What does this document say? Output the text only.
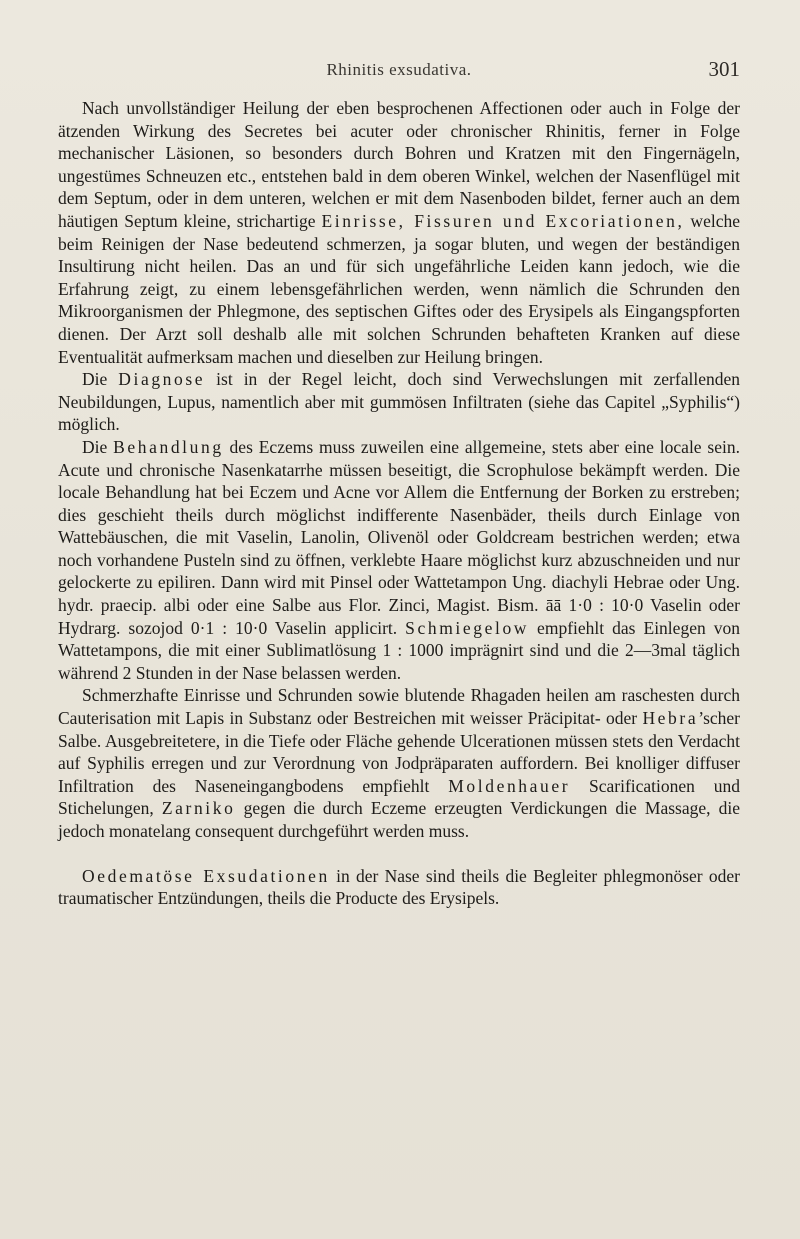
Rhinitis exsudativa.	301

Nach unvollständiger Heilung der eben besprochenen Affectionen oder auch in Folge der ätzenden Wirkung des Secretes bei acuter oder chronischer Rhinitis, ferner in Folge mechanischer Läsionen, so besonders durch Bohren und Kratzen mit den Fingernägeln, ungestümes Schneuzen etc., entstehen bald in dem oberen Winkel, welchen der Nasenflügel mit dem Septum, oder in dem unteren, welchen er mit dem Nasenboden bildet, ferner auch an dem häutigen Septum kleine, strichartige Einrisse, Fissuren und Excoriationen, welche beim Reinigen der Nase bedeutend schmerzen, ja sogar bluten, und wegen der beständigen Insultirung nicht heilen. Das an und für sich ungefährliche Leiden kann jedoch, wie die Erfahrung zeigt, zu einem lebensgefährlichen werden, wenn nämlich die Schrunden den Mikroorganismen der Phlegmone, des septischen Giftes oder des Erysipels als Eingangspforten dienen. Der Arzt soll deshalb alle mit solchen Schrunden behafteten Kranken auf diese Eventualität aufmerksam machen und dieselben zur Heilung bringen.

Die Diagnose ist in der Regel leicht, doch sind Verwechslungen mit zerfallenden Neubildungen, Lupus, namentlich aber mit gummösen Infiltraten (siehe das Capitel „Syphilis“) möglich.

Die Behandlung des Eczems muss zuweilen eine allgemeine, stets aber eine locale sein. Acute und chronische Nasenkatarrhe müssen beseitigt, die Scrophulose bekämpft werden. Die locale Behandlung hat bei Eczem und Acne vor Allem die Entfernung der Borken zu erstreben; dies geschieht theils durch möglichst indifferente Nasenbäder, theils durch Einlage von Wattebäuschen, die mit Vaselin, Lanolin, Olivenöl oder Goldcream bestrichen werden; etwa noch vorhandene Pusteln sind zu öffnen, verklebte Haare möglichst kurz abzuschneiden und nur gelockerte zu epiliren. Dann wird mit Pinsel oder Wattetampon Ung. diachyli Hebrae oder Ung. hydr. praecip. albi oder eine Salbe aus Flor. Zinci, Magist. Bism. āā 1·0 : 10·0 Vaselin oder Hydrarg. sozojod 0·1 : 10·0 Vaselin applicirt. Schmiegelow empfiehlt das Einlegen von Wattetampons, die mit einer Sublimatlösung 1 : 1000 imprägnirt sind und die 2—3mal täglich während 2 Stunden in der Nase belassen werden.

Schmerzhafte Einrisse und Schrunden sowie blutende Rhagaden heilen am raschesten durch Cauterisation mit Lapis in Substanz oder Bestreichen mit weisser Präcipitat- oder Hebra’scher Salbe. Ausgebreitetere, in die Tiefe oder Fläche gehende Ulcerationen müssen stets den Verdacht auf Syphilis erregen und zur Verordnung von Jodpräparaten auffordern. Bei knolliger diffuser Infiltration des Naseneingangbodens empfiehlt Moldenhauer Scarificationen und Stichelungen, Zarniko gegen die durch Eczeme erzeugten Verdickungen die Massage, die jedoch monatelang consequent durchgeführt werden muss.

Oedematöse Exsudationen in der Nase sind theils die Begleiter phlegmonöser oder traumatischer Entzündungen, theils die Producte des Erysipels.
